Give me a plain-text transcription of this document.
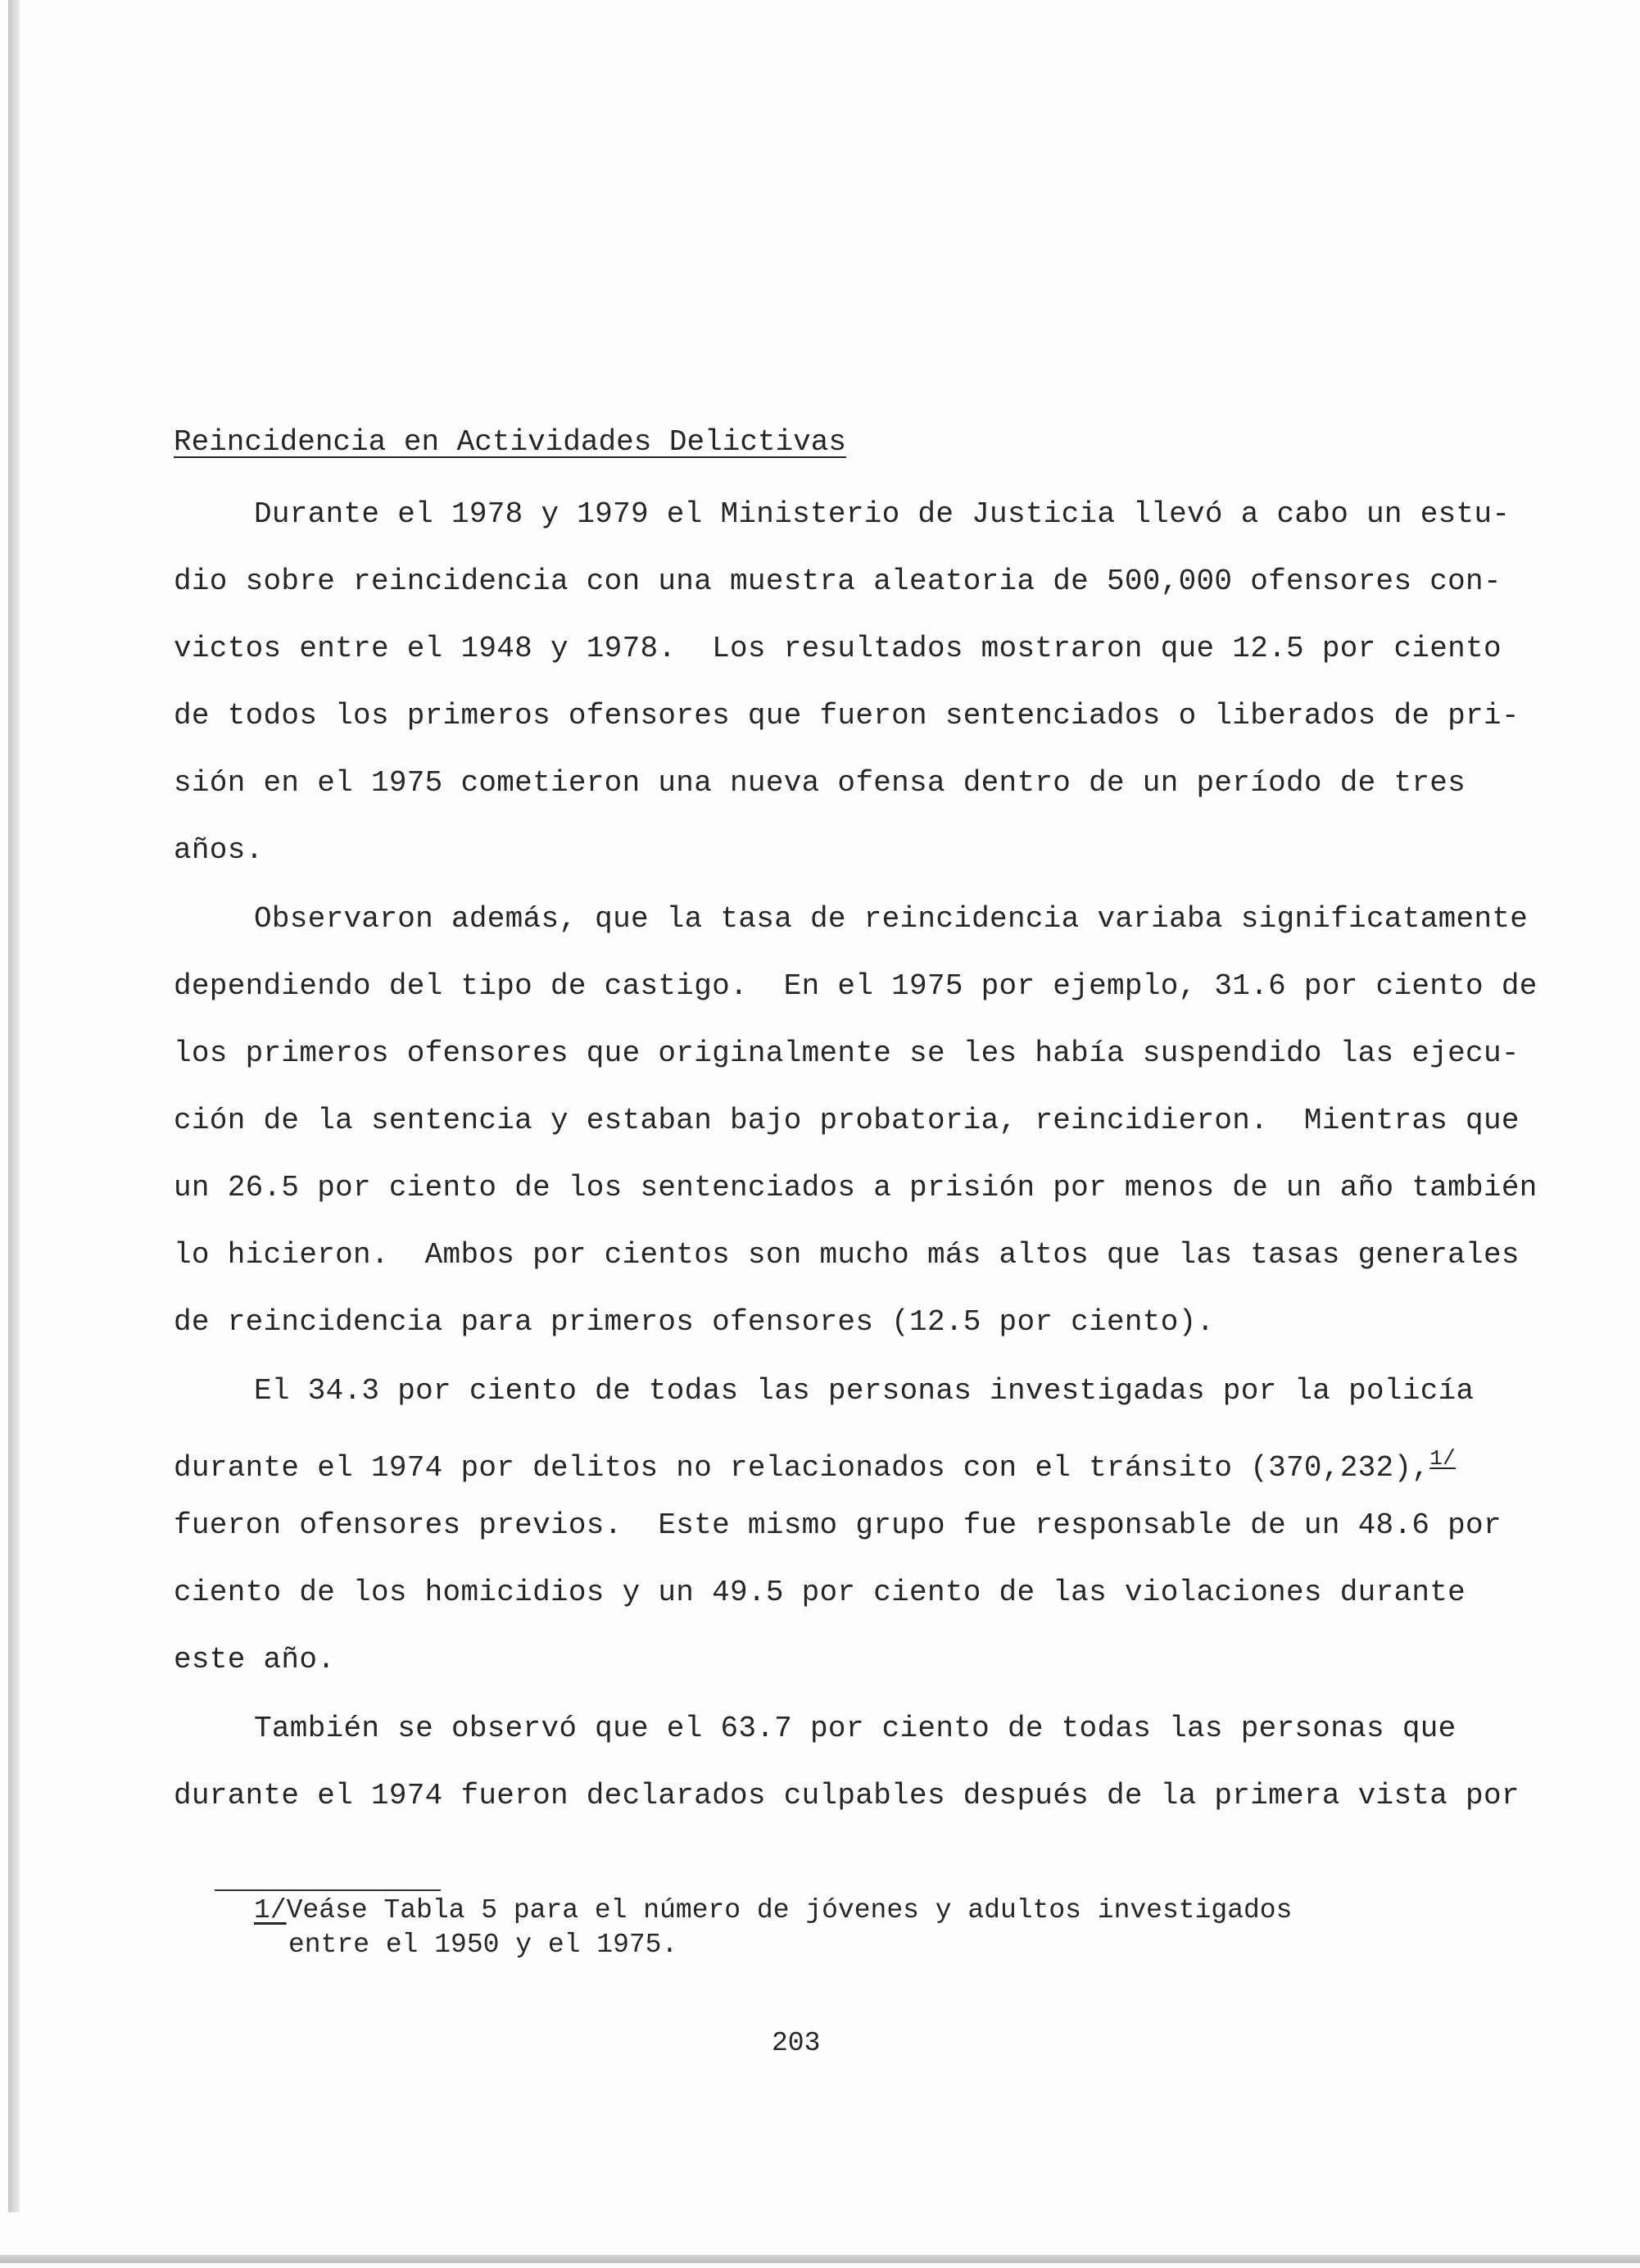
Reincidencia en Actividades Delictivas
Durante el 1978 y 1979 el Ministerio de Justicia llevó a cabo un estu-
dio sobre reincidencia con una muestra aleatoria de 500,000 ofensores con-
victos entre el 1948 y 1978.  Los resultados mostraron que 12.5 por ciento
de todos los primeros ofensores que fueron sentenciados o liberados de pri-
sión en el 1975 cometieron una nueva ofensa dentro de un período de tres
años.
Observaron además, que la tasa de reincidencia variaba significatamente
dependiendo del tipo de castigo.  En el 1975 por ejemplo, 31.6 por ciento de
los primeros ofensores que originalmente se les había suspendido las ejecu-
ción de la sentencia y estaban bajo probatoria, reincidieron.  Mientras que
un 26.5 por ciento de los sentenciados a prisión por menos de un año también
lo hicieron.  Ambos por cientos son mucho más altos que las tasas generales
de reincidencia para primeros ofensores (12.5 por ciento).
El 34.3 por ciento de todas las personas investigadas por la policía
durante el 1974 por delitos no relacionados con el tránsito (370,232),$^{1/}$
fueron ofensores previos.  Este mismo grupo fue responsable de un 48.6 por
ciento de los homicidios y un 49.5 por ciento de las violaciones durante
este año.
También se observó que el 63.7 por ciento de todas las personas que
durante el 1974 fueron declarados culpables después de la primera vista por
1/Veáse Tabla 5 para el número de jóvenes y adultos investigados
entre el 1950 y el 1975.
203
